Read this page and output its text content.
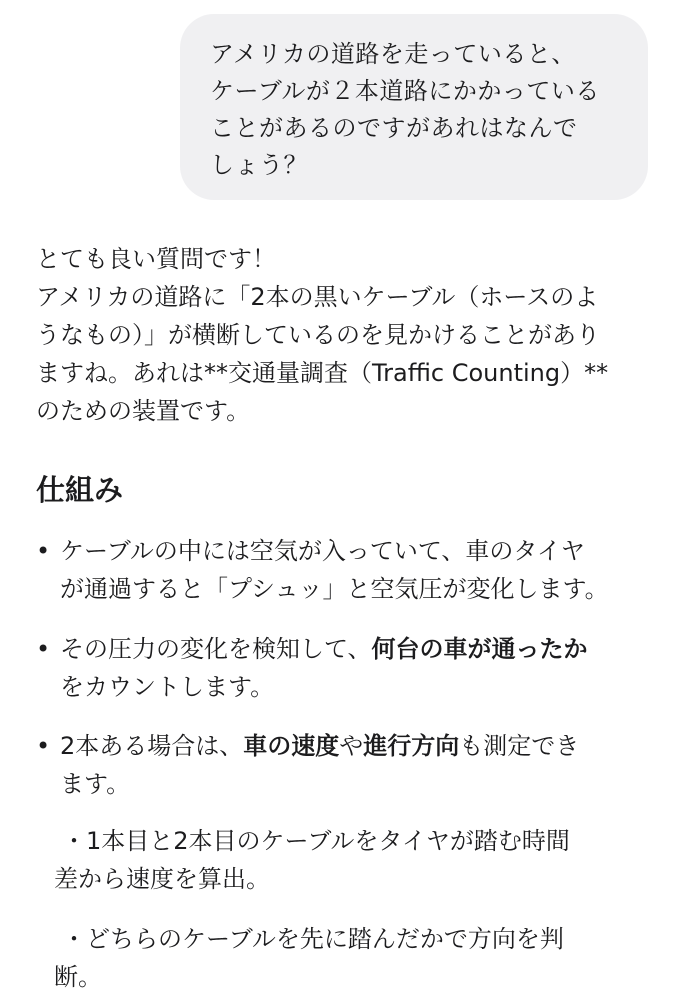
アメリカの道路を走っていると、
ケーブルが２本道路にかかっている
ことがあるのですがあれはなんで
しょう？
とても良い質問です！
アメリカの道路に「2本の黒いケーブル（ホースのよ
うなもの）」が横断しているのを見かけることがあり
ますね。あれは**交通量調査（Traffic Counting）**
のための装置です。
仕組み
• ケーブルの中には空気が入っていて、車のタイヤ
が通過すると「プシュッ」と空気圧が変化します。
• その圧力の変化を検知して、何台の車が通ったか
をカウントします。
• 2本ある場合は、車の速度や進行方向も測定でき
ます。
・1本目と2本目のケーブルをタイヤが踏む時間
差から速度を算出。
・どちらのケーブルを先に踏んだかで方向を判
断。
